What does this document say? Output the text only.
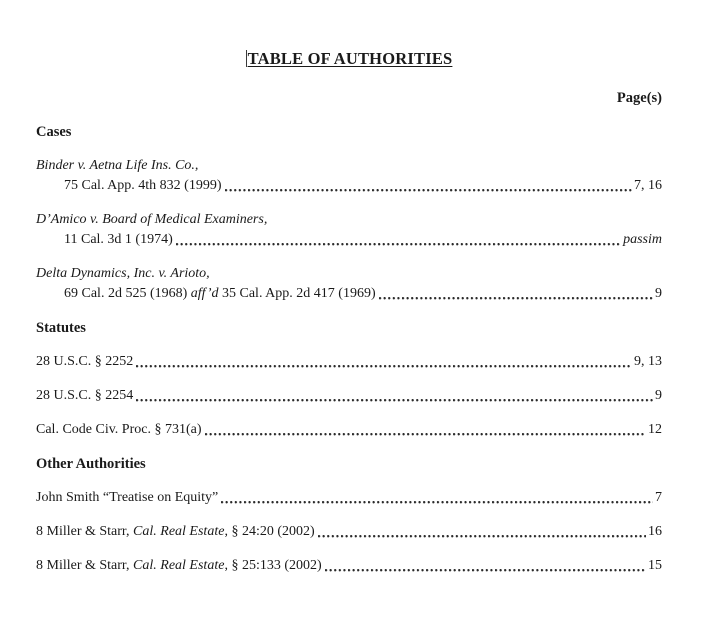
TABLE OF AUTHORITIES
Page(s)
Cases
Binder v. Aetna Life Ins. Co.,
75 Cal. App. 4th 832 (1999)	7, 16
D’Amico v. Board of Medical Examiners,
11 Cal. 3d 1 (1974)	passim
Delta Dynamics, Inc. v. Arioto,
69 Cal. 2d 525 (1968) aff’d 35 Cal. App. 2d 417 (1969)	9
Statutes
28 U.S.C. § 2252	9, 13
28 U.S.C. § 2254	9
Cal. Code Civ. Proc. § 731(a)	12
Other Authorities
John Smith “Treatise on Equity”	7
8 Miller & Starr, Cal. Real Estate, § 24:20 (2002)	16
8 Miller & Starr, Cal. Real Estate, § 25:133 (2002)	15
